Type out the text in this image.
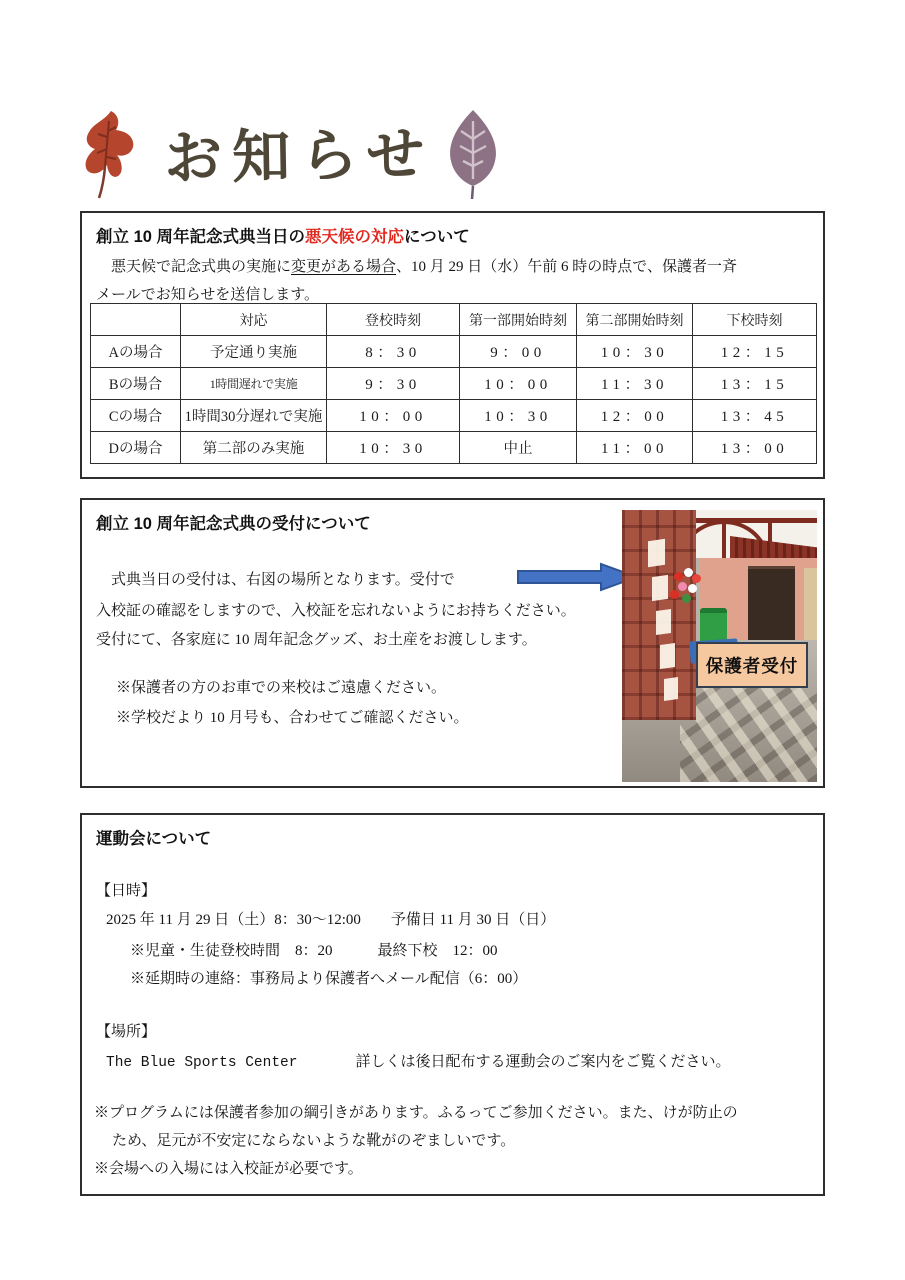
お知らせ
創立 10 周年記念式典当日の悪天候の対応について
　悪天候で記念式典の実施に変更がある場合、10 月 29 日（水）午前 6 時の時点で、保護者一斉
メールでお知らせを送信します。
	対応	登校時刻	第一部開始時刻	第二部開始時刻	下校時刻
Aの場合	予定通り実施	8：30	9：00	10：30	12：15
Bの場合	1時間遅れで実施	9：30	10：00	11：30	13：15
Cの場合	1時間30分遅れで実施	10：00	10：30	12：00	13：45
Dの場合	第二部のみ実施	10：30	中止	11：00	13：00
創立 10 周年記念式典の受付について
　式典当日の受付は、右図の場所となります。受付で
入校証の確認をしますので、入校証を忘れないようにお持ちください。
受付にて、各家庭に 10 周年記念グッズ、お土産をお渡しします。
※保護者の方のお車での来校はご遠慮ください。
※学校だより 10 月号も、合わせてご確認ください。
保護者受付
運動会について
【日時】
2025 年 11 月 29 日（土）8：30～12:00　　予備日 11 月 30 日（日）
※児童・生徒登校時間　8：20　　　最終下校　12：00
※延期時の連絡：事務局より保護者へメール配信（6：00）
【場所】
The Blue Sports Center	詳しくは後日配布する運動会のご案内をご覧ください。
※プログラムには保護者参加の綱引きがあります。ふるってご参加ください。また、けが防止の
ため、足元が不安定にならないような靴がのぞましいです。
※会場への入場には入校証が必要です。
